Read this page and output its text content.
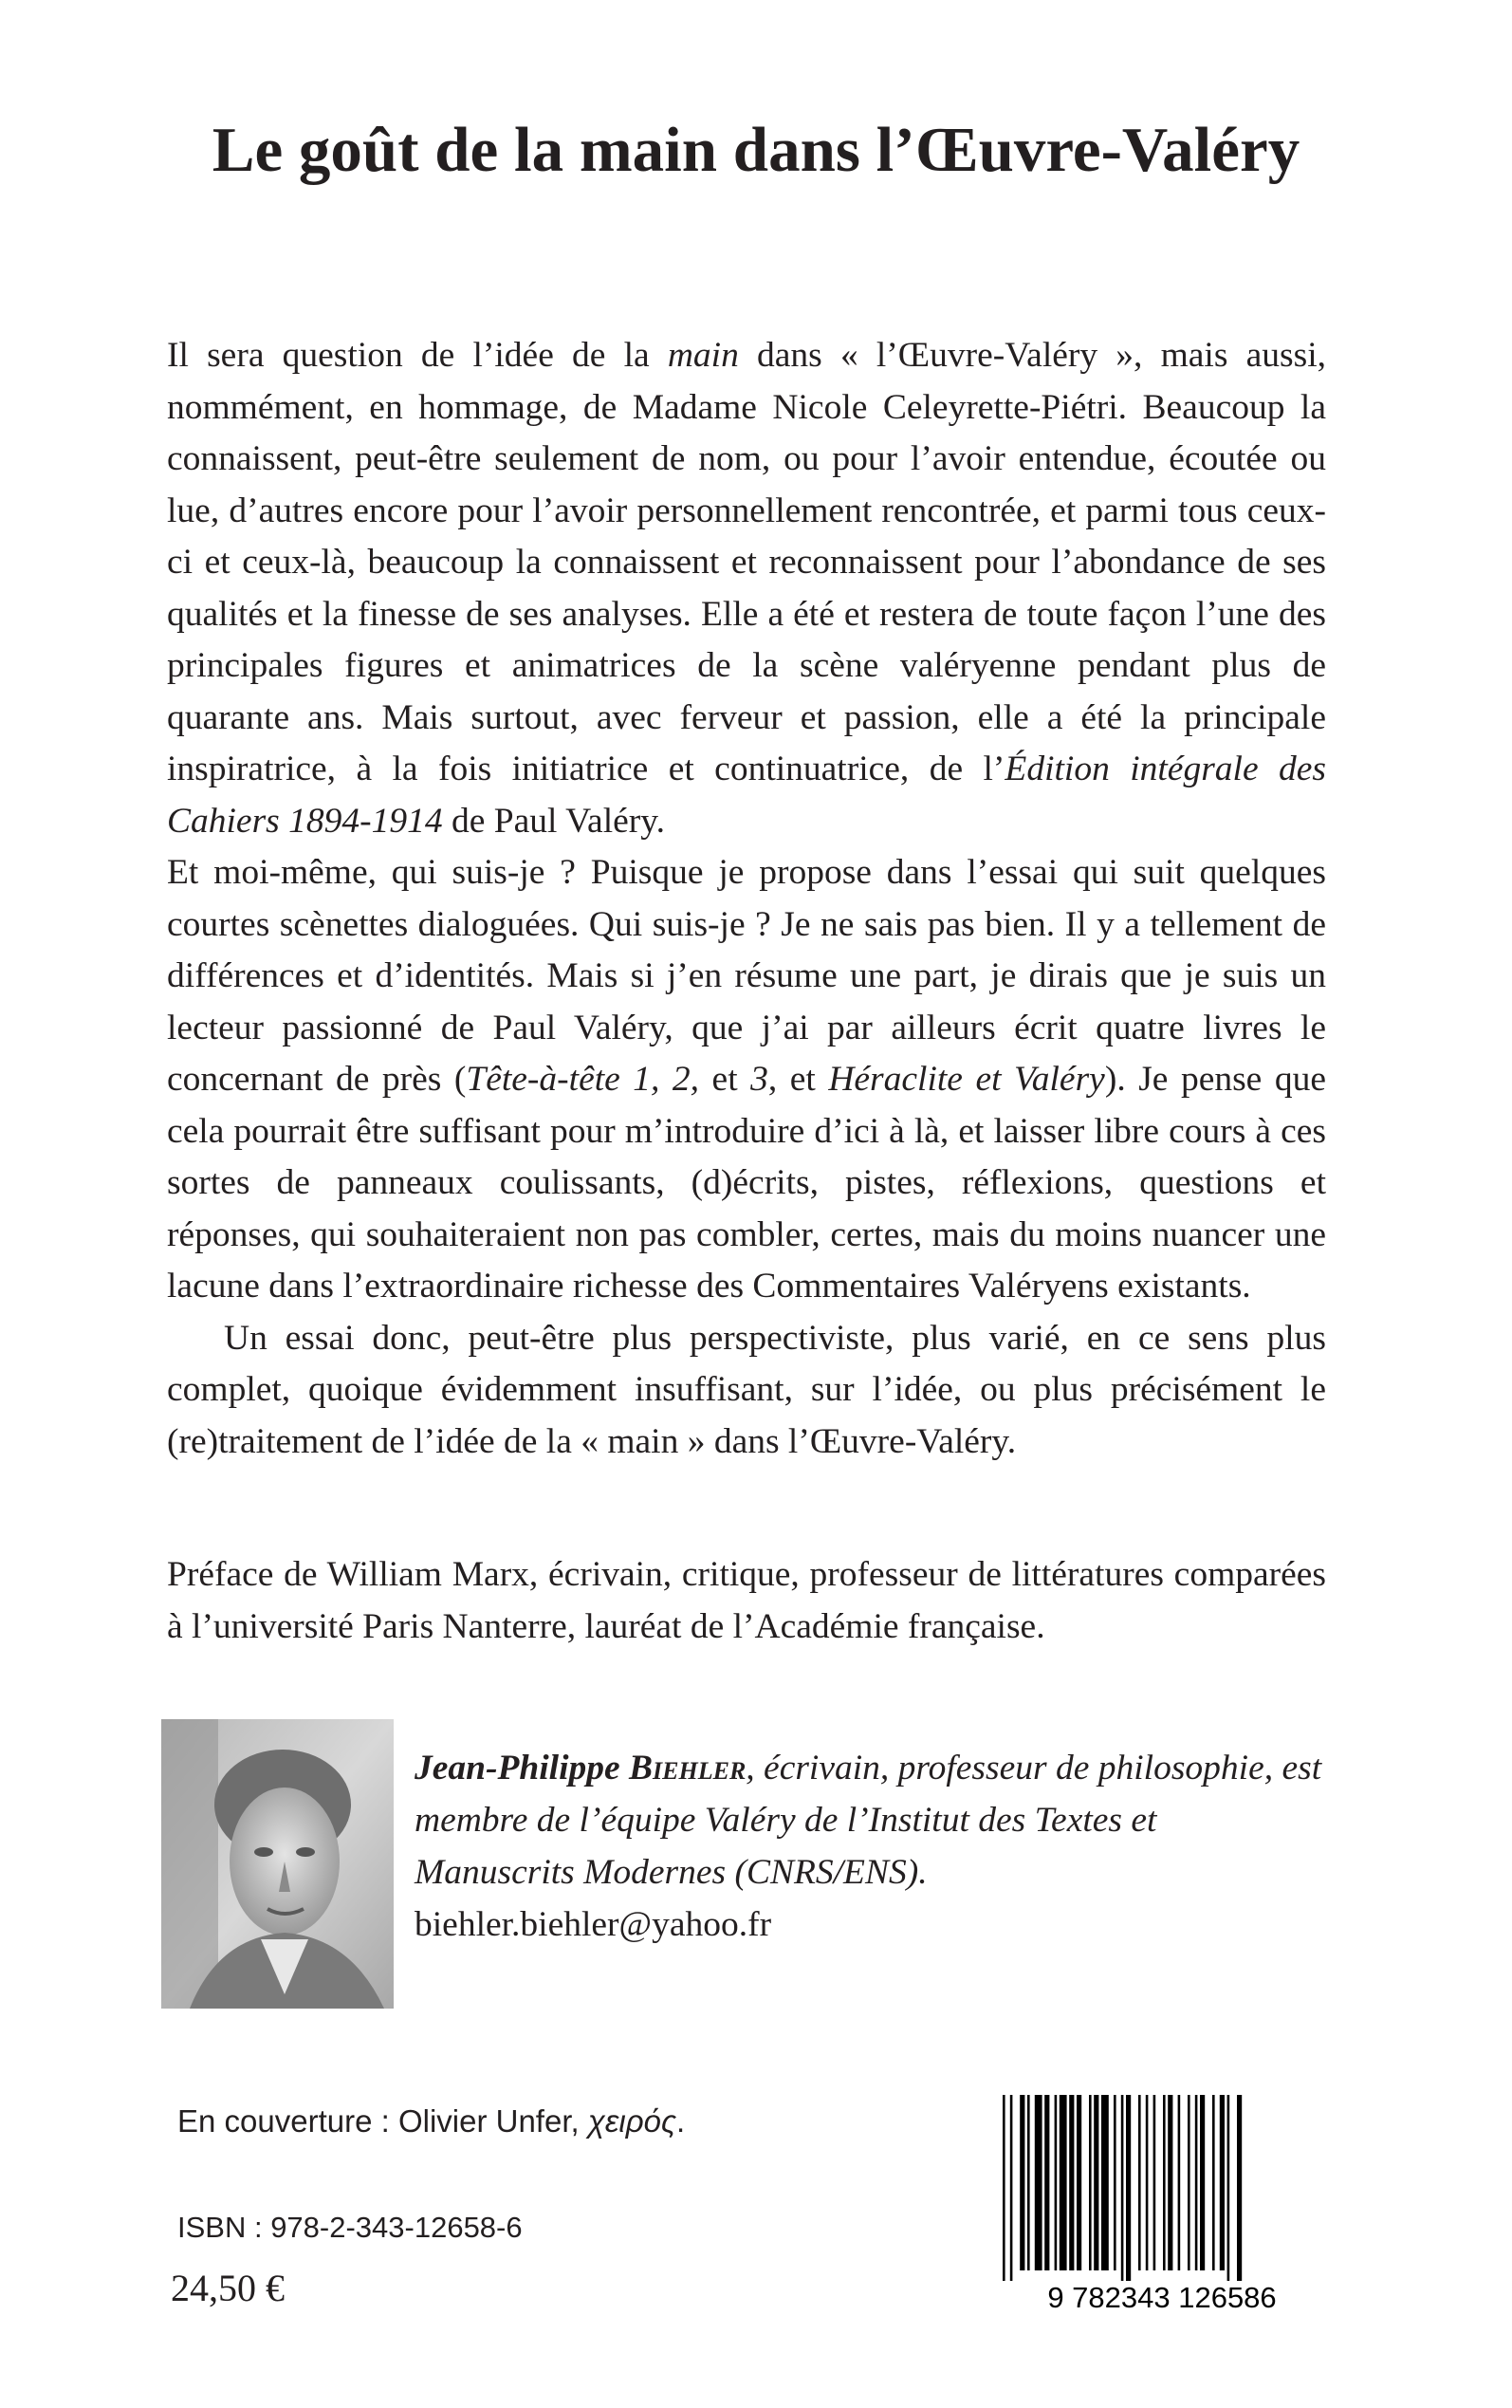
Le goût de la main dans l’Œuvre-Valéry

Il sera question de l’idée de la main dans « l’Œuvre-Valéry », mais aussi, nommément, en hommage, de Madame Nicole Celeyrette-Piétri. Beaucoup la connaissent, peut-être seulement de nom, ou pour l’avoir entendue, écoutée ou lue, d’autres encore pour l’avoir personnellement rencontrée, et parmi tous ceux-ci et ceux-là, beaucoup la connaissent et reconnaissent pour l’abondance de ses qualités et la finesse de ses analyses. Elle a été et restera de toute façon l’une des principales figures et animatrices de la scène valéryenne pendant plus de quarante ans. Mais surtout, avec ferveur et passion, elle a été la principale inspiratrice, à la fois initiatrice et continuatrice, de l’Édition intégrale des Cahiers 1894-1914 de Paul Valéry.

Et moi-même, qui suis-je ? Puisque je propose dans l’essai qui suit quelques courtes scènettes dialoguées. Qui suis-je ? Je ne sais pas bien. Il y a tellement de différences et d’identités. Mais si j’en résume une part, je dirais que je suis un lecteur passionné de Paul Valéry, que j’ai par ailleurs écrit quatre livres le concernant de près (Tête-à-tête 1, 2, et 3, et Héraclite et Valéry). Je pense que cela pourrait être suffisant pour m’introduire d’ici à là, et laisser libre cours à ces sortes de panneaux coulissants, (d)écrits, pistes, réflexions, questions et réponses, qui souhaiteraient non pas combler, certes, mais du moins nuancer une lacune dans l’extraordinaire richesse des Commentaires Valéryens existants.

Un essai donc, peut-être plus perspectiviste, plus varié, en ce sens plus complet, quoique évidemment insuffisant, sur l’idée, ou plus précisément le (re)traitement de l’idée de la « main » dans l’Œuvre-Valéry.

Préface de William Marx, écrivain, critique, professeur de littératures comparées à l’université Paris Nanterre, lauréat de l’Académie française.

Jean-Philippe Biehler, écrivain, professeur de philosophie, est membre de l’équipe Valéry de l’Institut des Textes et Manuscrits Modernes (CNRS/ENS).
biehler.biehler@yahoo.fr
En couverture : Olivier Unfer, χειρός.
ISBN : 978-2-343-12658-6
24,50 €	9 782343 126586
